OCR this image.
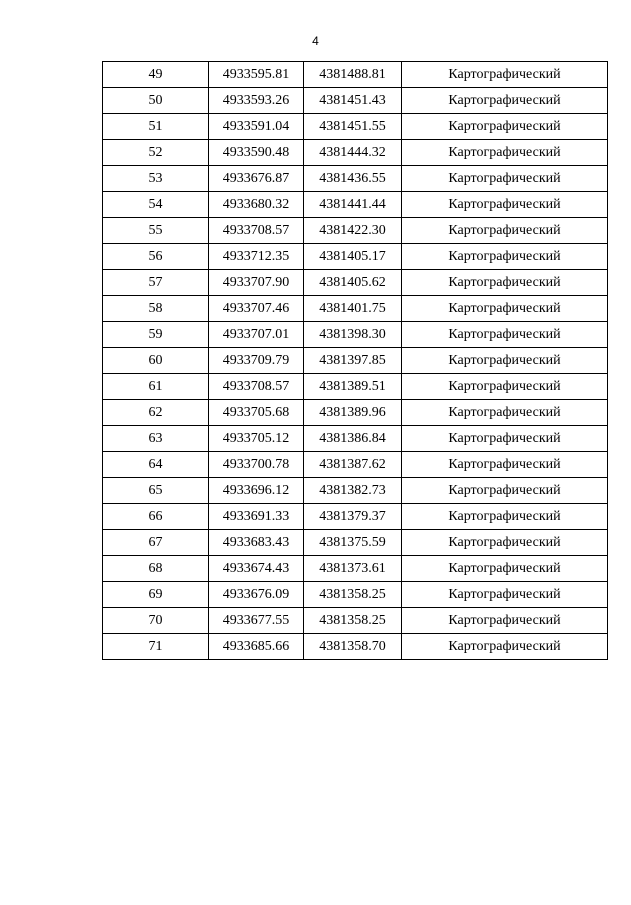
4
49	4933595.81	4381488.81	Картографический
50	4933593.26	4381451.43	Картографический
51	4933591.04	4381451.55	Картографический
52	4933590.48	4381444.32	Картографический
53	4933676.87	4381436.55	Картографический
54	4933680.32	4381441.44	Картографический
55	4933708.57	4381422.30	Картографический
56	4933712.35	4381405.17	Картографический
57	4933707.90	4381405.62	Картографический
58	4933707.46	4381401.75	Картографический
59	4933707.01	4381398.30	Картографический
60	4933709.79	4381397.85	Картографический
61	4933708.57	4381389.51	Картографический
62	4933705.68	4381389.96	Картографический
63	4933705.12	4381386.84	Картографический
64	4933700.78	4381387.62	Картографический
65	4933696.12	4381382.73	Картографический
66	4933691.33	4381379.37	Картографический
67	4933683.43	4381375.59	Картографический
68	4933674.43	4381373.61	Картографический
69	4933676.09	4381358.25	Картографический
70	4933677.55	4381358.25	Картографический
71	4933685.66	4381358.70	Картографический
